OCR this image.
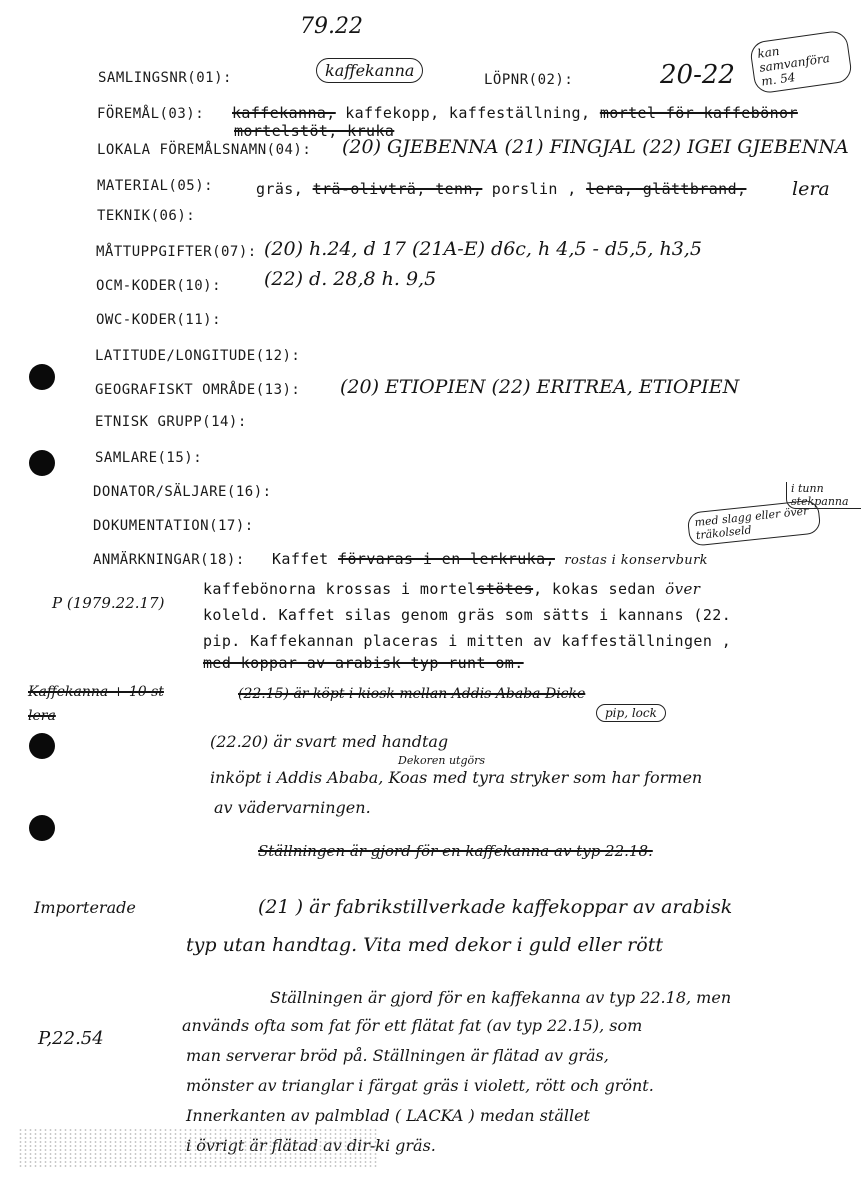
79.22
kan samvanföra m. 54
SAMLINGSNR(01):	kaffekanna	LÖPNR(02):	20-22
FÖREMÅL(03): kaffekanna, kaffekopp, kaffeställning, mortel för kaffebönor
mortelstöt, kruka
LOKALA FÖREMÅLSNAMN(04): (20) GJEBENNA (21) FINGJAL (22) IGEI GJEBENNA
MATERIAL(05):	gräs, trä-olivträ, tenn, porslin , lera, glättbrand, lera
TEKNIK(06):
MÅTTUPPGIFTER(07): (20) h.24, d 17 (21A-E) d6c, h 4,5 - d5,5, h3,5
OCM-KODER(10): (22) d. 28,8 h. 9,5
OWC-KODER(11):
LATITUDE/LONGITUDE(12):
GEOGRAFISKT OMRÅDE(13): (20) ETIOPIEN (22) ERITREA, ETIOPIEN
ETNISK GRUPP(14):
SAMLARE(15):
DONATOR/SÄLJARE(16):
DOKUMENTATION(17):
i tunn stekpanna
med slagg eller över träkolseld
ANMÄRKNINGAR(18): Kaffet förvaras i en lerkruka, rostas i konservburk
P (1979.22.17)
kaffebönorna krossas i mortelstötes, kokas sedan över
koleld. Kaffet silas genom gräs som sätts i kannans (22.
pip. Kaffekannan placeras i mitten av kaffeställningen ,
med koppar av arabisk typ runt om.
Kaffekanna + 10 st
lera
(22.15) är köpt i kiosk mellan Addis Ababa Dicke
pip, lock
(22.20) är svart med handtag
Dekoren utgörs
inköpt i Addis Ababa, Koas med tyra stryker som har formen
av vädervarningen.
Ställningen är gjord för en kaffekanna av typ 22.18.
Importerade	(21 ) är fabrikstillverkade kaffekoppar av arabisk
typ utan handtag. Vita med dekor i guld eller rött
P,22.54
Ställningen är gjord för en kaffekanna av typ 22.18, men
används ofta som fat för ett flätat fat (av typ 22.15), som
man serverar bröd på. Ställningen är flätad av gräs,
mönster av trianglar i färgat gräs i violett, rött och grönt.
Innerkanten av palmblad ( LACKA ) medan stället
i övrigt är flätad av dir-ki gräs.
